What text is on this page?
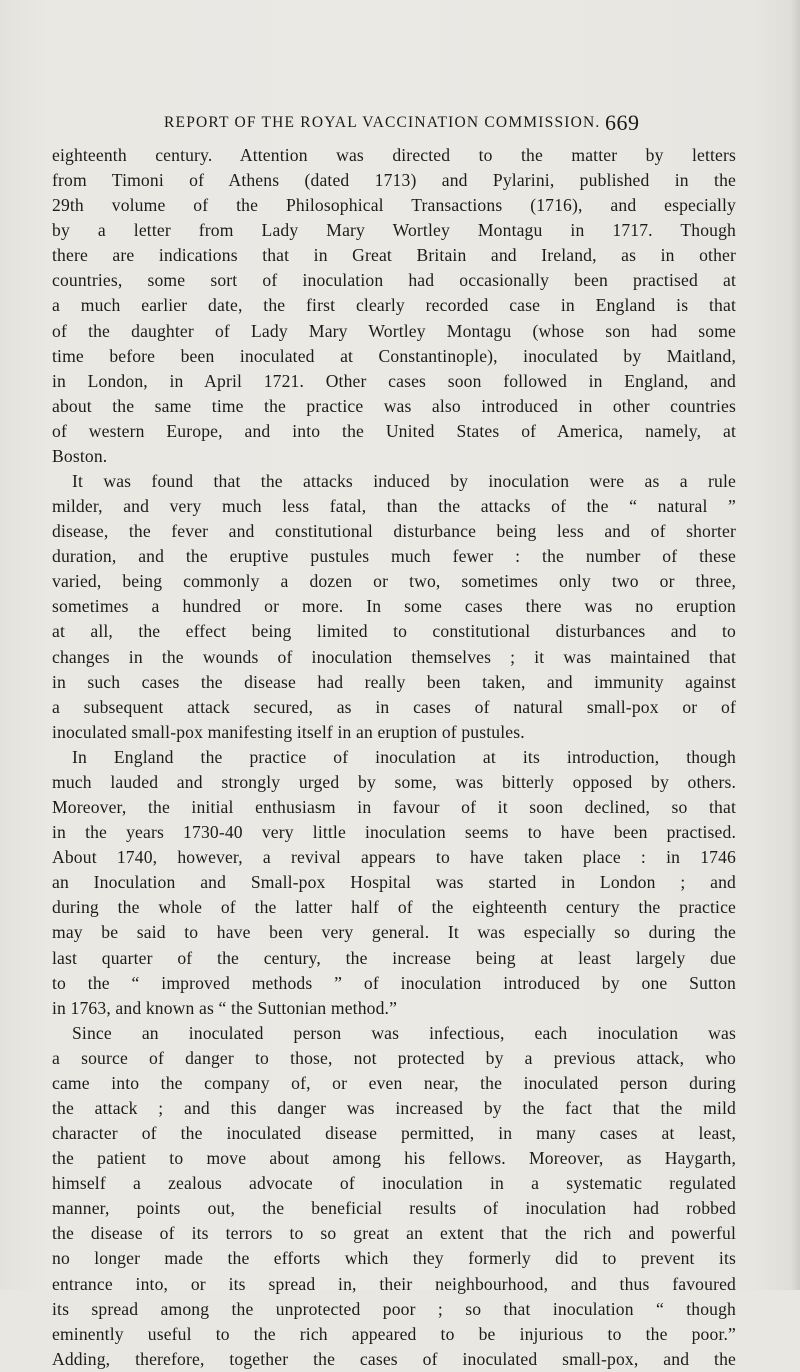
REPORT OF THE ROYAL VACCINATION COMMISSION. 669

eighteenth century. Attention was directed to the matter by letters

from Timoni of Athens (dated 1713) and Pylarini, published in the

29th volume of the Philosophical Transactions (1716), and especially

by a letter from Lady Mary Wortley Montagu in 1717. Though

there are indications that in Great Britain and Ireland, as in other

countries, some sort of inoculation had occasionally been practised at

a much earlier date, the first clearly recorded case in England is that

of the daughter of Lady Mary Wortley Montagu (whose son had some

time before been inoculated at Constantinople), inoculated by Maitland,

in London, in April 1721. Other cases soon followed in England, and

about the same time the practice was also introduced in other countries

of western Europe, and into the United States of America, namely, at

Boston.

It was found that the attacks induced by inoculation were as a rule

milder, and very much less fatal, than the attacks of the “ natural ”

disease, the fever and constitutional disturbance being less and of shorter

duration, and the eruptive pustules much fewer : the number of these

varied, being commonly a dozen or two, sometimes only two or three,

sometimes a hundred or more. In some cases there was no eruption

at all, the effect being limited to constitutional disturbances and to

changes in the wounds of inoculation themselves ; it was maintained that

in such cases the disease had really been taken, and immunity against

a subsequent attack secured, as in cases of natural small-pox or of

inoculated small-pox manifesting itself in an eruption of pustules.

In England the practice of inoculation at its introduction, though

much lauded and strongly urged by some, was bitterly opposed by others.

Moreover, the initial enthusiasm in favour of it soon declined, so that

in the years 1730-40 very little inoculation seems to have been practised.

About 1740, however, a revival appears to have taken place : in 1746

an Inoculation and Small-pox Hospital was started in London ; and

during the whole of the latter half of the eighteenth century the practice

may be said to have been very general. It was especially so during the

last quarter of the century, the increase being at least largely due

to the “ improved methods ” of inoculation introduced by one Sutton

in 1763, and known as “ the Suttonian method.”

Since an inoculated person was infectious, each inoculation was

a source of danger to those, not protected by a previous attack, who

came into the company of, or even near, the inoculated person during

the attack ; and this danger was increased by the fact that the mild

character of the inoculated disease permitted, in many cases at least,

the patient to move about among his fellows. Moreover, as Haygarth,

himself a zealous advocate of inoculation in a systematic regulated

manner, points out, the beneficial results of inoculation had robbed

the disease of its terrors to so great an extent that the rich and powerful

no longer made the efforts which they formerly did to prevent its

entrance into, or its spread in, their neighbourhood, and thus favoured

its spread among the unprotected poor ; so that inoculation “ though

eminently useful to the rich appeared to be injurious to the poor.”

Adding, therefore, together the cases of inoculated small-pox, and the
